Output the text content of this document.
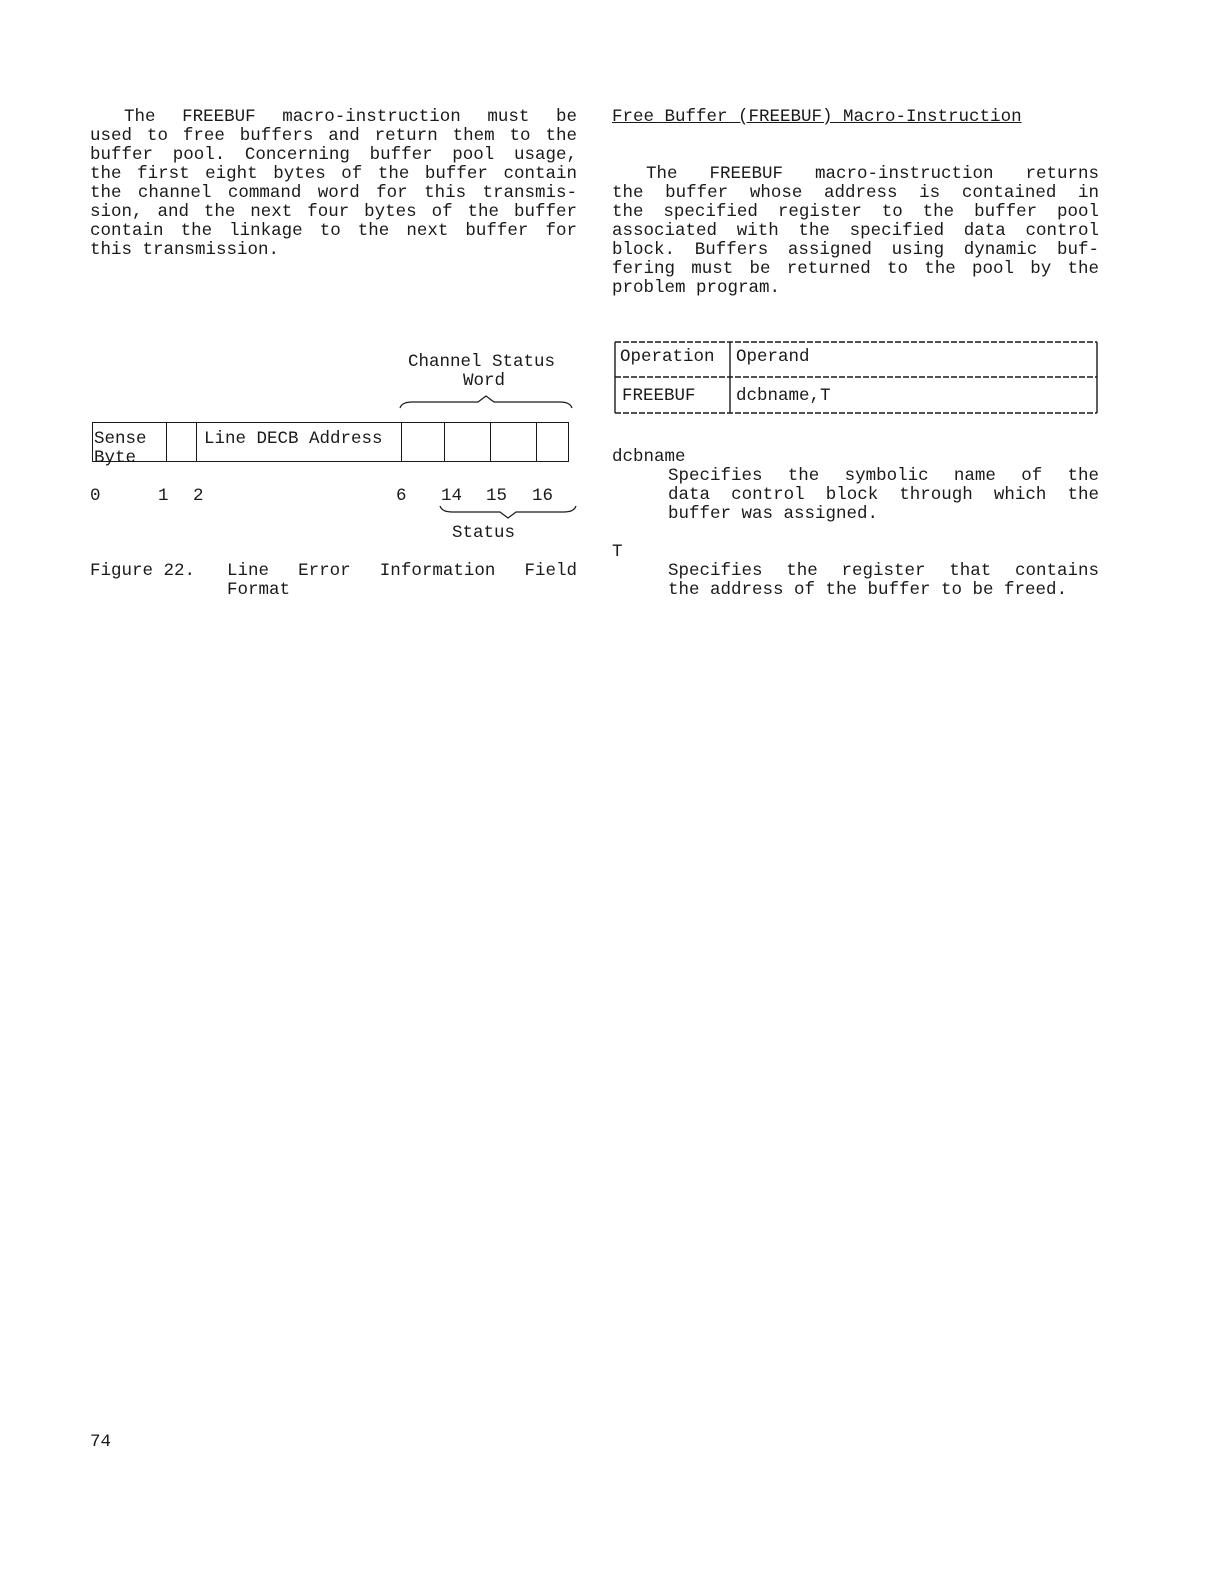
The FREEBUF macro-instruction must be
used to free buffers and return them to the
buffer pool. Concerning buffer pool usage,
the first eight bytes of the buffer contain
the channel command word for this transmis-
sion, and the next four bytes of the buffer
contain the linkage to the next buffer for
this transmission.

Channel Status
Word
Sense
Byte
Line DECB Address
0	1 2	6 14 15 16
Status
Figure 22. Line Error Information Field
Format

Free Buffer (FREEBUF) Macro-Instruction

The FREEBUF macro-instruction returns
the buffer whose address is contained in
the specified register to the buffer pool
associated with the specified data control
block. Buffers assigned using dynamic buf-
fering must be returned to the pool by the
problem program.

Operation Operand
FREEBUF dcbname,T
dcbname
Specifies the symbolic name of the
data control block through which the
buffer was assigned.
T
Specifies the register that contains
the address of the buffer to be freed.
74
